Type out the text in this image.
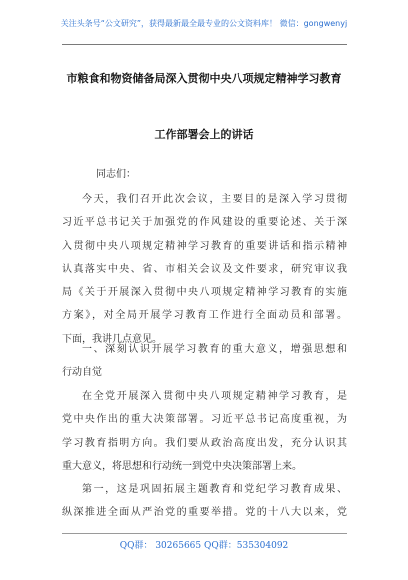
关注头条号“公文研究”，获得最新最全最专业的公文资料库！ 微信：gongwenyj
市粮食和物资储备局深入贯彻中央八项规定精神学习教育
工作部署会上的讲话
同志们：

今天，我们召开此次会议，主要目的是深入学习贯彻
习近平总书记关于加强党的作风建设的重要论述、关于深
入贯彻中央八项规定精神学习教育的重要讲话和指示精神
认真落实中央、省、市相关会议及文件要求，研究审议我
局《关于开展深入贯彻中央八项规定精神学习教育的实施
方案》，对全局开展学习教育工作进行全面动员和部署。
下面，我讲几点意见。

一、深刻认识开展学习教育的重大意义，增强思想和
行动自觉

在全党开展深入贯彻中央八项规定精神学习教育，是
党中央作出的重大决策部署。习近平总书记高度重视，为
学习教育指明方向。我们要从政治高度出发，充分认识其
重大意义，将思想和行动统一到党中央决策部署上来。

第一，这是巩固拓展主题教育和党纪学习教育成果、
纵深推进全面从严治党的重要举措。党的十八大以来，党

QQ群： 30265665 QQ群：535304092
